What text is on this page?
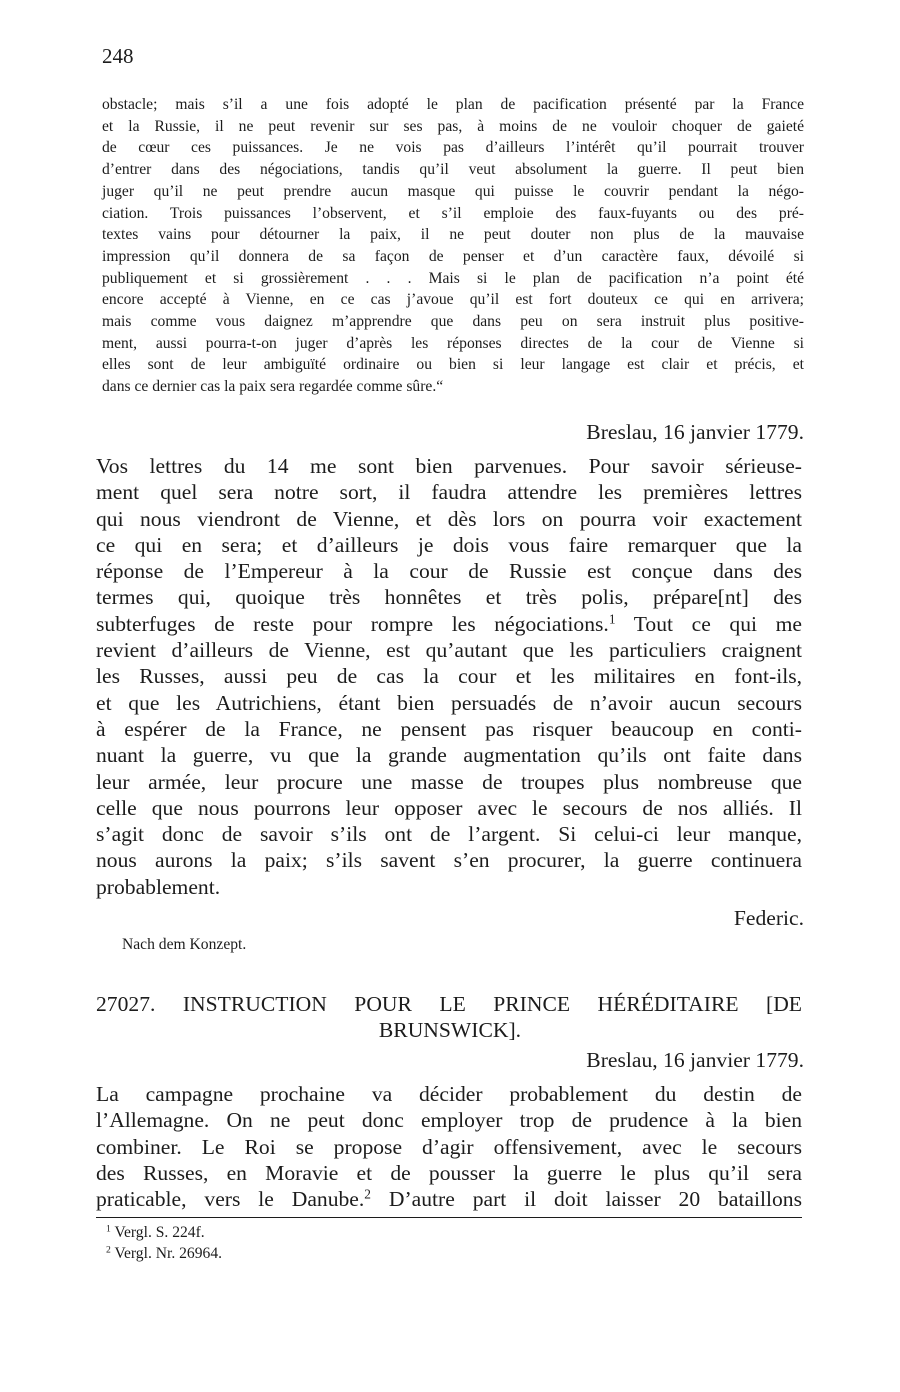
248
obstacle; mais s’il a une fois adopté le plan de pacification présenté par la France
et la Russie, il ne peut revenir sur ses pas, à moins de ne vouloir choquer de gaieté
de cœur ces puissances. Je ne vois pas d’ailleurs l’intérêt qu’il pourrait trouver
d’entrer dans des négociations, tandis qu’il veut absolument la guerre. Il peut bien
juger qu’il ne peut prendre aucun masque qui puisse le couvrir pendant la négo-
ciation. Trois puissances l’observent, et s’il emploie des faux-fuyants ou des pré-
textes vains pour détourner la paix, il ne peut douter non plus de la mauvaise
impression qu’il donnera de sa façon de penser et d’un caractère faux, dévoilé si
publiquement et si grossièrement . . . Mais si le plan de pacification n’a point été
encore accepté à Vienne, en ce cas j’avoue qu’il est fort douteux ce qui en arrivera;
mais comme vous daignez m’apprendre que dans peu on sera instruit plus positive-
ment, aussi pourra-t-on juger d’après les réponses directes de la cour de Vienne si
elles sont de leur ambiguïté ordinaire ou bien si leur langage est clair et précis, et
dans ce dernier cas la paix sera regardée comme sûre.“
Breslau, 16 janvier 1779.
Vos lettres du 14 me sont bien parvenues. Pour savoir sérieuse-
ment quel sera notre sort, il faudra attendre les premières lettres
qui nous viendront de Vienne, et dès lors on pourra voir exactement
ce qui en sera; et d’ailleurs je dois vous faire remarquer que la
réponse de l’Empereur à la cour de Russie est conçue dans des
termes qui, quoique très honnêtes et très polis, prépare[nt] des
subterfuges de reste pour rompre les négociations.$^1$ Tout ce qui me
revient d’ailleurs de Vienne, est qu’autant que les particuliers craignent
les Russes, aussi peu de cas la cour et les militaires en font-ils,
et que les Autrichiens, étant bien persuadés de n’avoir aucun secours
à espérer de la France, ne pensent pas risquer beaucoup en conti-
nuant la guerre, vu que la grande augmentation qu’ils ont faite dans
leur armée, leur procure une masse de troupes plus nombreuse que
celle que nous pourrons leur opposer avec le secours de nos alliés. Il
s’agit donc de savoir s’ils ont de l’argent. Si celui-ci leur manque,
nous aurons la paix; s’ils savent s’en procurer, la guerre continuera
probablement.
Federic.
Nach dem Konzept.
27027. INSTRUCTION POUR LE PRINCE HÉRÉDITAIRE [DE
BRUNSWICK].
Breslau, 16 janvier 1779.
La campagne prochaine va décider probablement du destin de
l’Allemagne. On ne peut donc employer trop de prudence à la bien
combiner. Le Roi se propose d’agir offensivement, avec le secours
des Russes, en Moravie et de pousser la guerre le plus qu’il sera
praticable, vers le Danube.$^2$ D’autre part il doit laisser 20 bataillons
$^1$ Vergl. S. 224f.
$^2$ Vergl. Nr. 26964.
